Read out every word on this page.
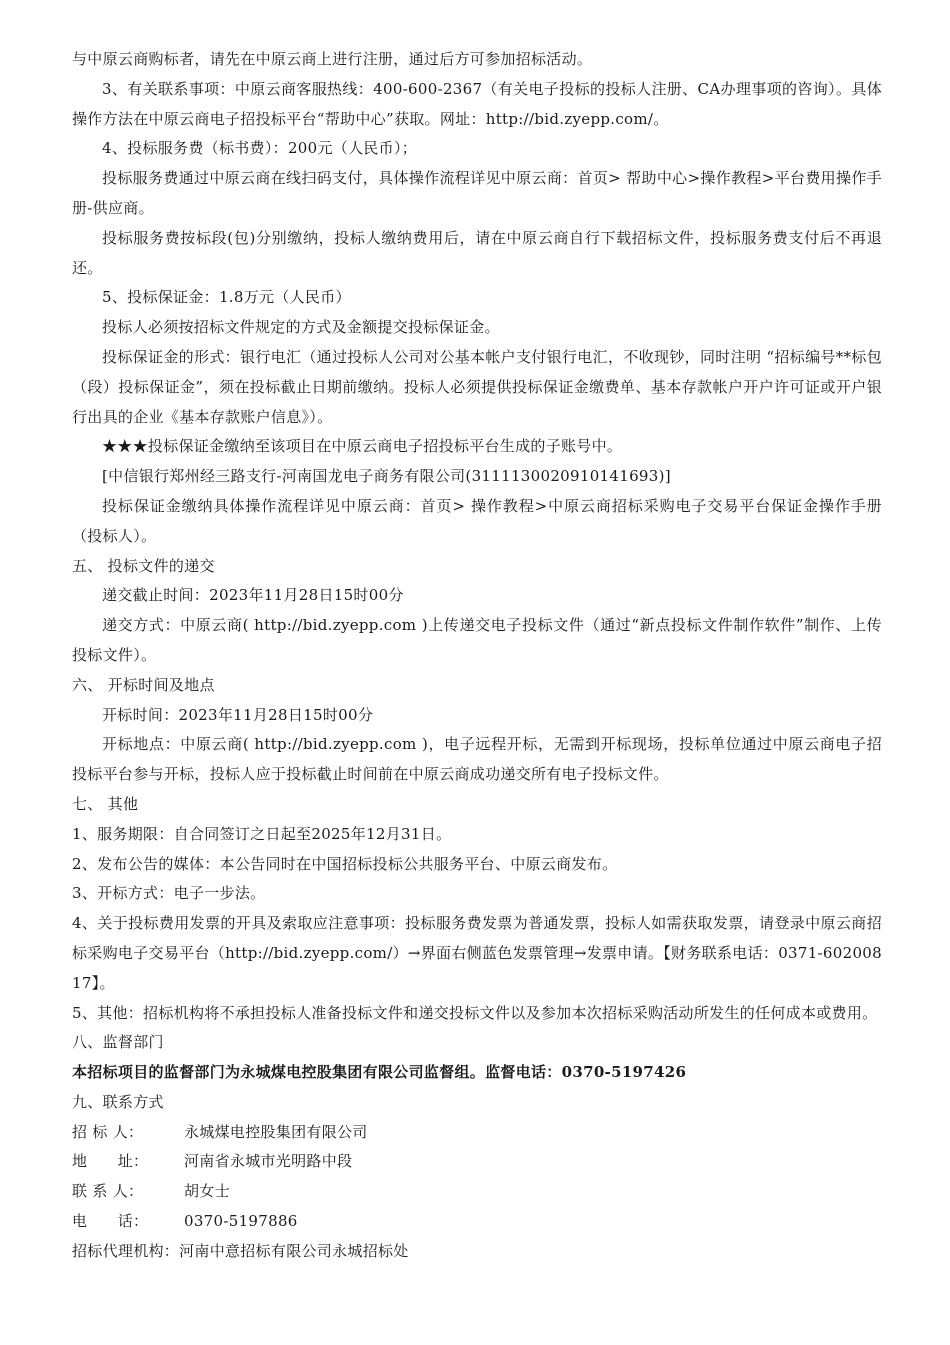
与中原云商购标者，请先在中原云商上进行注册，通过后方可参加招标活动。

3、有关联系事项：中原云商客服热线：400-600-2367（有关电子投标的投标人注册、CA办理事项的咨询）。具体操作方法在中原云商电子招投标平台“帮助中心”获取。网址：http://bid.zyepp.com/。

4、投标服务费（标书费）：200元（人民币）；

投标服务费通过中原云商在线扫码支付，具体操作流程详见中原云商：首页> 帮助中心>操作教程>平台费用操作手册-供应商。

投标服务费按标段(包)分别缴纳，投标人缴纳费用后，请在中原云商自行下载招标文件，投标服务费支付后不再退还。

5、投标保证金：1.8万元（人民币）

投标人必须按招标文件规定的方式及金额提交投标保证金。

投标保证金的形式：银行电汇（通过投标人公司对公基本帐户支付银行电汇，不收现钞，同时注明 “招标编号**标包（段）投标保证金”，须在投标截止日期前缴纳。投标人必须提供投标保证金缴费单、基本存款帐户开户许可证或开户银行出具的企业《基本存款账户信息》）。

★★★投标保证金缴纳至该项目在中原云商电子招投标平台生成的子账号中。

[中信银行郑州经三路支行-河南国龙电子商务有限公司(3111130020910141693)]

投标保证金缴纳具体操作流程详见中原云商：首页> 操作教程>中原云商招标采购电子交易平台保证金操作手册（投标人）。

五、 投标文件的递交

递交截止时间：2023年11月28日15时00分

递交方式：中原云商( http://bid.zyepp.com )上传递交电子投标文件（通过“新点投标文件制作软件”制作、上传投标文件）。

六、 开标时间及地点

开标时间：2023年11月28日15时00分

开标地点：中原云商( http://bid.zyepp.com )，电子远程开标，无需到开标现场，投标单位通过中原云商电子招投标平台参与开标，投标人应于投标截止时间前在中原云商成功递交所有电子投标文件。

七、 其他

1、服务期限：自合同签订之日起至2025年12月31日。

2、发布公告的媒体：本公告同时在中国招标投标公共服务平台、中原云商发布。

3、开标方式：电子一步法。

4、关于投标费用发票的开具及索取应注意事项：投标服务费发票为普通发票，投标人如需获取发票，请登录中原云商招标采购电子交易平台（http://bid.zyepp.com/）→界面右侧蓝色发票管理→发票申请。【财务联系电话：0371-60200817】。

5、其他：招标机构将不承担投标人准备投标文件和递交投标文件以及参加本次招标采购活动所发生的任何成本或费用。

八、监督部门

本招标项目的监督部门为永城煤电控股集团有限公司监督组。监督电话：0370-5197426

九、联系方式

招 标 人：	永城煤电控股集团有限公司
地      址：	河南省永城市光明路中段
联 系 人：	胡女士
电      话：	0370-5197886
招标代理机构： 河南中意招标有限公司永城招标处
